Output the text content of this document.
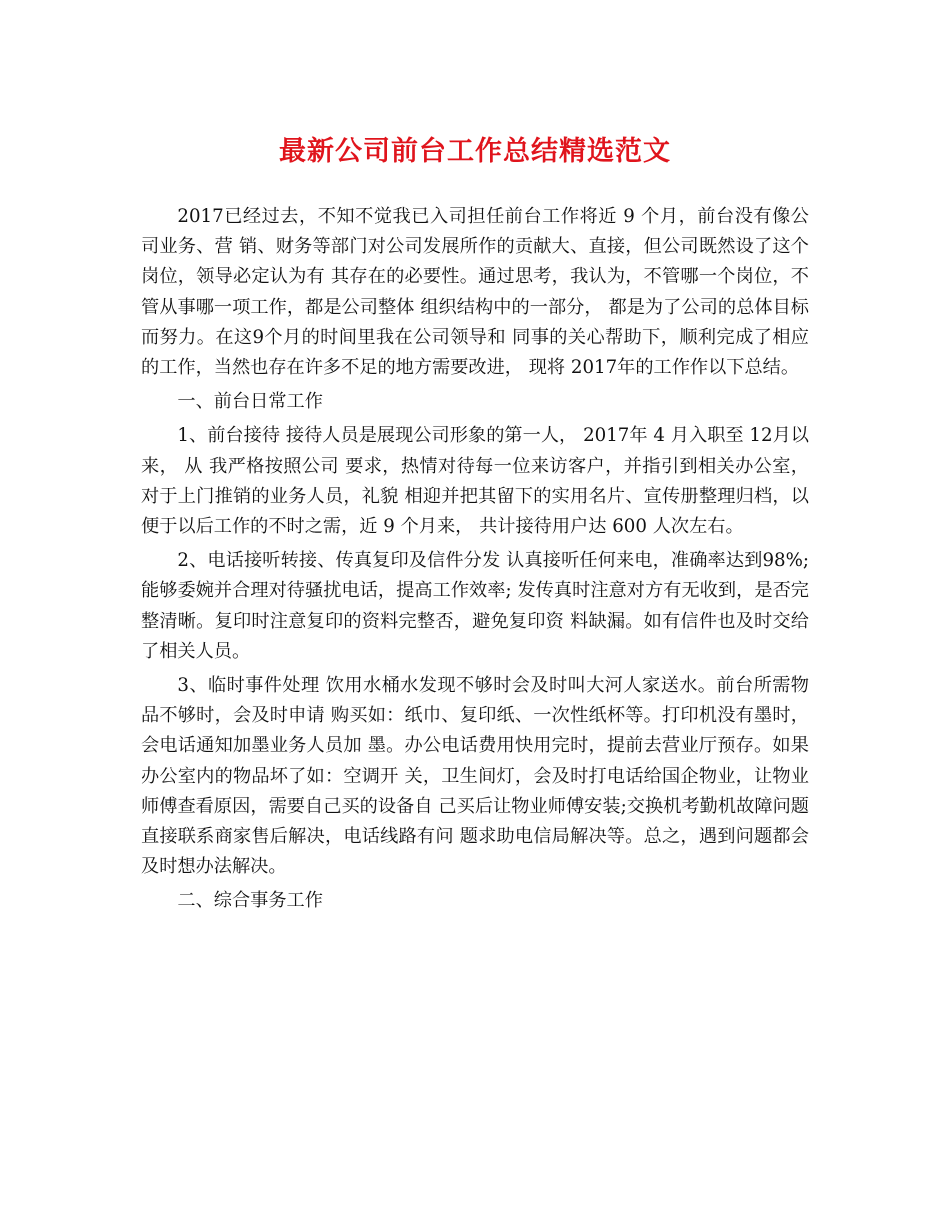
最新公司前台工作总结精选范文

2017已经过去，不知不觉我已入司担任前台工作将近 9 个月，前台没有像公司业务、营 销、财务等部门对公司发展所作的贡献大、直接，但公司既然设了这个岗位，领导必定认为有 其存在的必要性。通过思考，我认为，不管哪一个岗位，不管从事哪一项工作，都是公司整体 组织结构中的一部分， 都是为了公司的总体目标而努力。在这9个月的时间里我在公司领导和 同事的关心帮助下，顺利完成了相应的工作，当然也存在许多不足的地方需要改进， 现将 2017年的工作作以下总结。

一、前台日常工作

1、前台接待 接待人员是展现公司形象的第一人， 2017年 4 月入职至 12月以来， 从 我严格按照公司 要求，热情对待每一位来访客户，并指引到相关办公室，对于上门推销的业务人员，礼貌 相迎并把其留下的实用名片、宣传册整理归档，以便于以后工作的不时之需，近 9 个月来， 共计接待用户达 600 人次左右。

2、电话接听转接、传真复印及信件分发 认真接听任何来电，准确率达到98%;能够委婉并合理对待骚扰电话，提高工作效率; 发传真时注意对方有无收到，是否完整清晰。复印时注意复印的资料完整否，避免复印资 料缺漏。如有信件也及时交给了相关人员。

3、临时事件处理 饮用水桶水发现不够时会及时叫大河人家送水。前台所需物品不够时，会及时申请 购买如：纸巾、复印纸、一次性纸杯等。打印机没有墨时，会电话通知加墨业务人员加 墨。办公电话费用快用完时，提前去营业厅预存。如果办公室内的物品坏了如：空调开 关，卫生间灯，会及时打电话给国企物业，让物业师傅查看原因，需要自己买的设备自 己买后让物业师傅安装;交换机考勤机故障问题直接联系商家售后解决，电话线路有问 题求助电信局解决等。总之，遇到问题都会及时想办法解决。

二、综合事务工作
